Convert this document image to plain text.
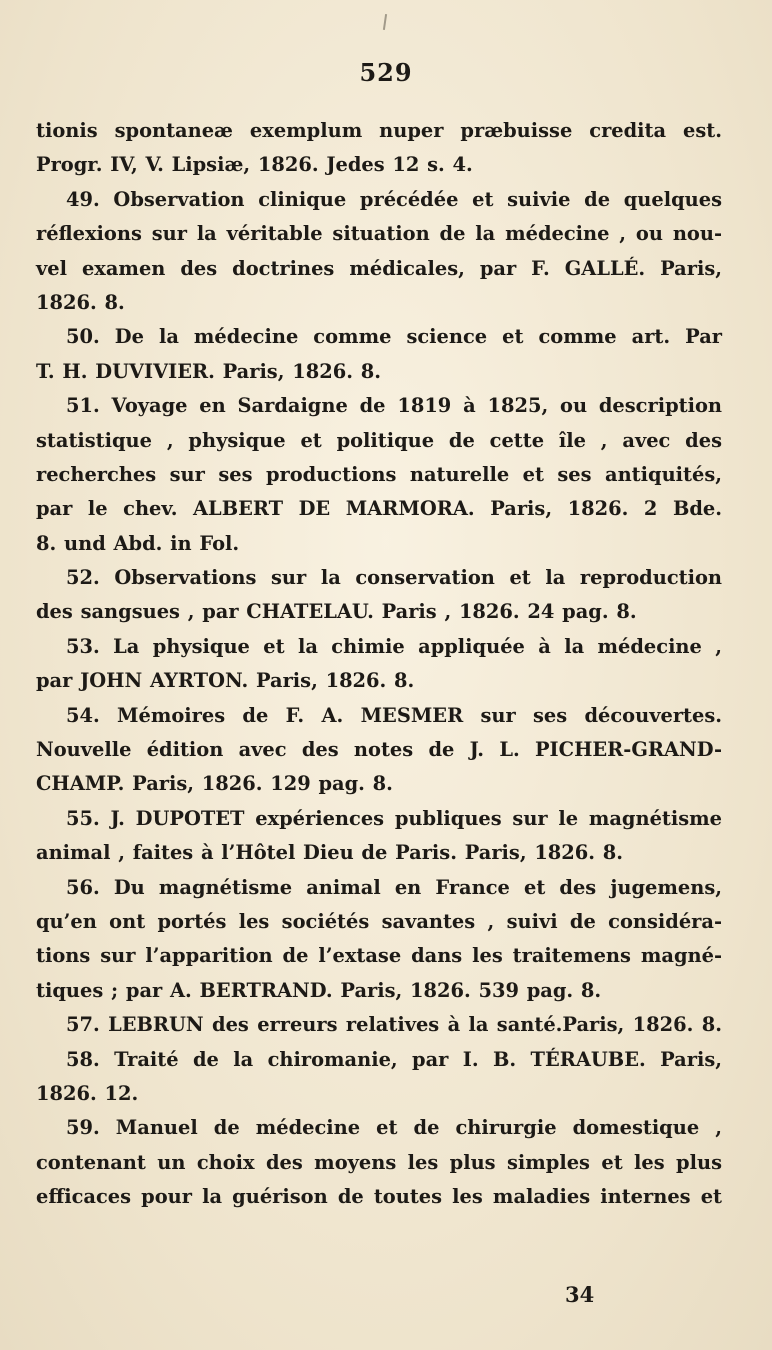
529
tionis spontaneæ exemplum nuper præbuisse credita est.
Progr. IV, V. Lipsiæ, 1826. Jedes 12 s. 4.
49. Observation clinique précédée et suivie de quelques
réflexions sur la véritable situation de la médecine , ou nou-
vel examen des doctrines médicales, par F. GALLÉ. Paris,
1826. 8.
50. De la médecine comme science et comme art. Par
T. H. DUVIVIER. Paris, 1826. 8.
51. Voyage en Sardaigne de 1819 à 1825, ou description
statistique , physique et politique de cette île , avec des
recherches sur ses productions naturelle et ses antiquités,
par le chev. ALBERT DE MARMORA. Paris, 1826. 2 Bde.
8. und Abd. in Fol.
52. Observations sur la conservation et la reproduction
des sangsues , par CHATELAU. Paris , 1826. 24 pag. 8.
53. La physique et la chimie appliquée à la médecine ,
par JOHN AYRTON. Paris, 1826. 8.
54. Mémoires de F. A. MESMER sur ses découvertes.
Nouvelle édition avec des notes de J. L. PICHER-GRAND-
CHAMP. Paris, 1826. 129 pag. 8.
55. J. DUPOTET expériences publiques sur le magnétisme
animal , faites à l’Hôtel Dieu de Paris. Paris, 1826. 8.
56. Du magnétisme animal en France et des jugemens,
qu’en ont portés les sociétés savantes , suivi de considéra-
tions sur l’apparition de l’extase dans les traitemens magné-
tiques ; par A. BERTRAND. Paris, 1826. 539 pag. 8.
57. LEBRUN des erreurs relatives à la santé.Paris, 1826. 8.
58. Traité de la chiromanie, par I. B. TÉRAUBE. Paris,
1826. 12.
59. Manuel de médecine et de chirurgie domestique ,
contenant un choix des moyens les plus simples et les plus
efficaces pour la guérison de toutes les maladies internes et
34
